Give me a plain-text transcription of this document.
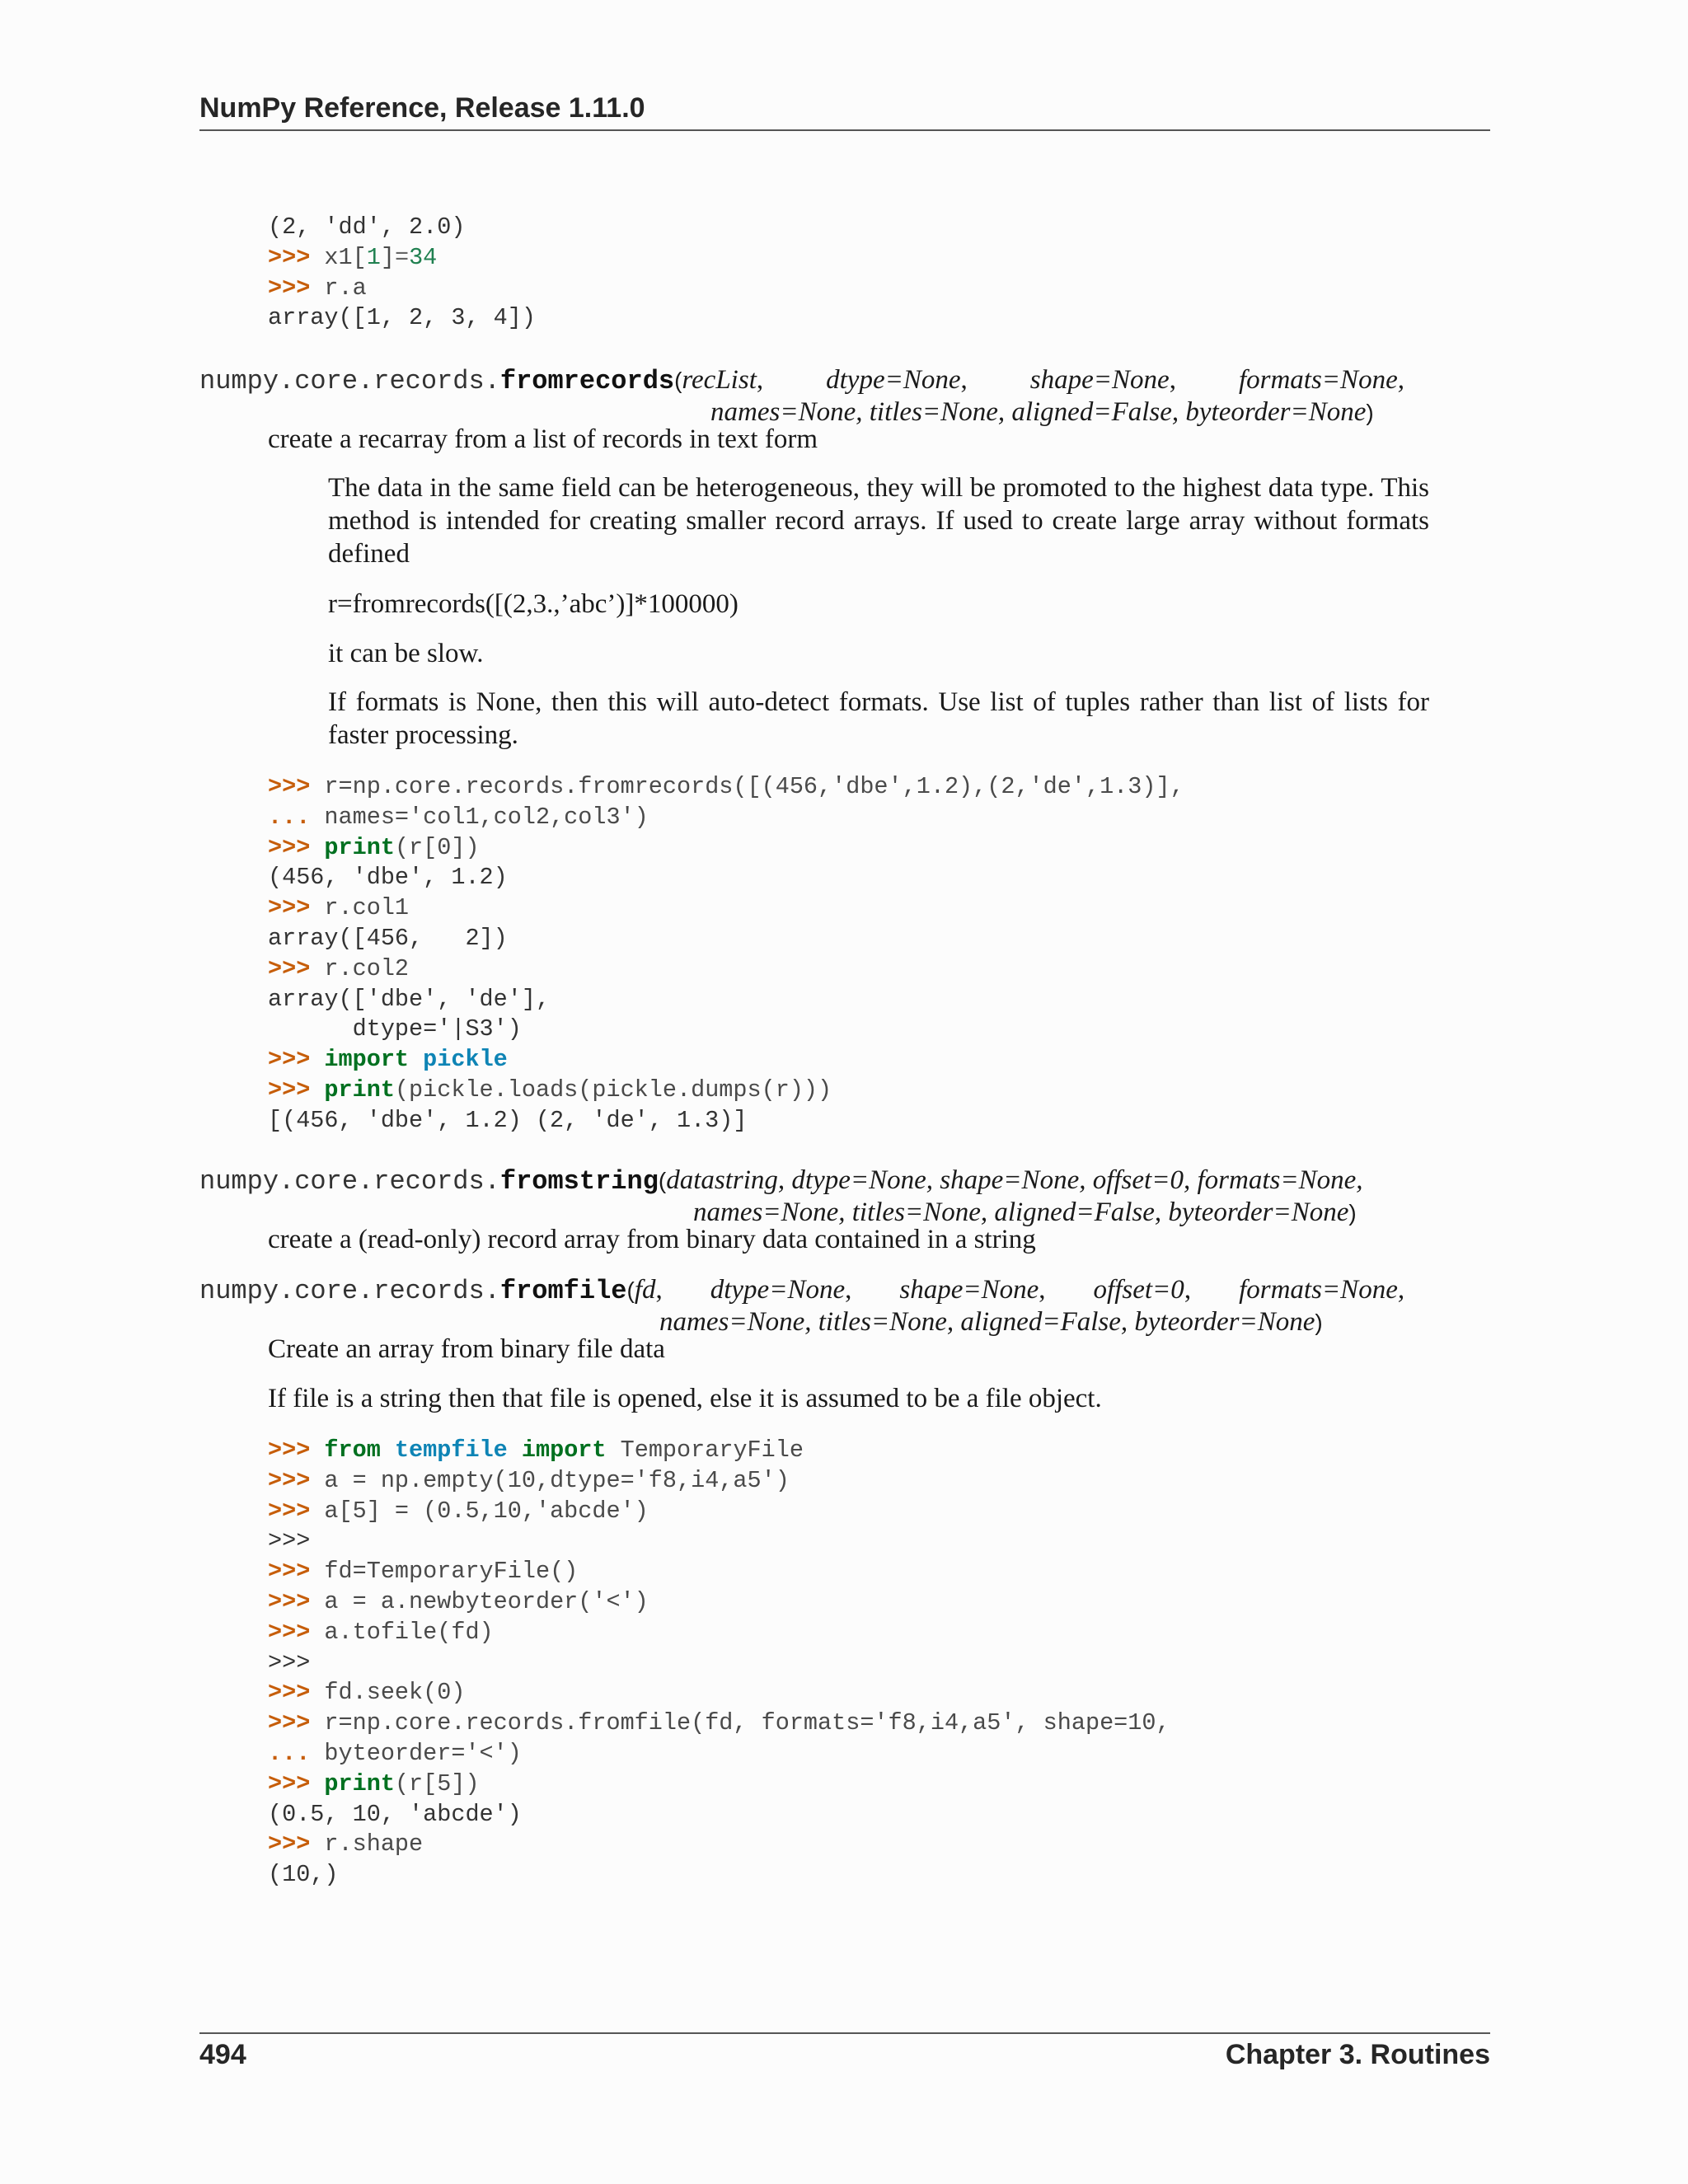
NumPy Reference, Release 1.11.0
(2, 'dd', 2.0)
>>> x1[1]=34
>>> r.a
array([1, 2, 3, 4])
numpy.core.records.fromrecords(recList, dtype=None, shape=None, formats=None,
names=None, titles=None, aligned=False, byteorder=None)
create a recarray from a list of records in text form
The data in the same field can be heterogeneous, they will be promoted to the highest data type. This method is intended for creating smaller record arrays. If used to create large array without formats defined
r=fromrecords([(2,3.,’abc’)]*100000)
it can be slow.
If formats is None, then this will auto-detect formats. Use list of tuples rather than list of lists for faster processing.
>>> r=np.core.records.fromrecords([(456,'dbe',1.2),(2,'de',1.3)],
... names='col1,col2,col3')
>>> print(r[0])
(456, 'dbe', 1.2)
>>> r.col1
array([456,   2])
>>> r.col2
array(['dbe', 'de'],
dtype='|S3')
>>> import pickle
>>> print(pickle.loads(pickle.dumps(r)))
[(456, 'dbe', 1.2) (2, 'de', 1.3)]
numpy.core.records.fromstring(datastring, dtype=None, shape=None, offset=0, formats=None,
names=None, titles=None, aligned=False, byteorder=None)
create a (read-only) record array from binary data contained in a string
numpy.core.records.fromfile(fd, dtype=None, shape=None, offset=0, formats=None,
names=None, titles=None, aligned=False, byteorder=None)
Create an array from binary file data
If file is a string then that file is opened, else it is assumed to be a file object.
>>> from tempfile import TemporaryFile
>>> a = np.empty(10,dtype='f8,i4,a5')
>>> a[5] = (0.5,10,'abcde')
>>>
>>> fd=TemporaryFile()
>>> a = a.newbyteorder('<')
>>> a.tofile(fd)
>>>
>>> fd.seek(0)
>>> r=np.core.records.fromfile(fd, formats='f8,i4,a5', shape=10,
... byteorder='<')
>>> print(r[5])
(0.5, 10, 'abcde')
>>> r.shape
(10,)
494	Chapter 3. Routines
